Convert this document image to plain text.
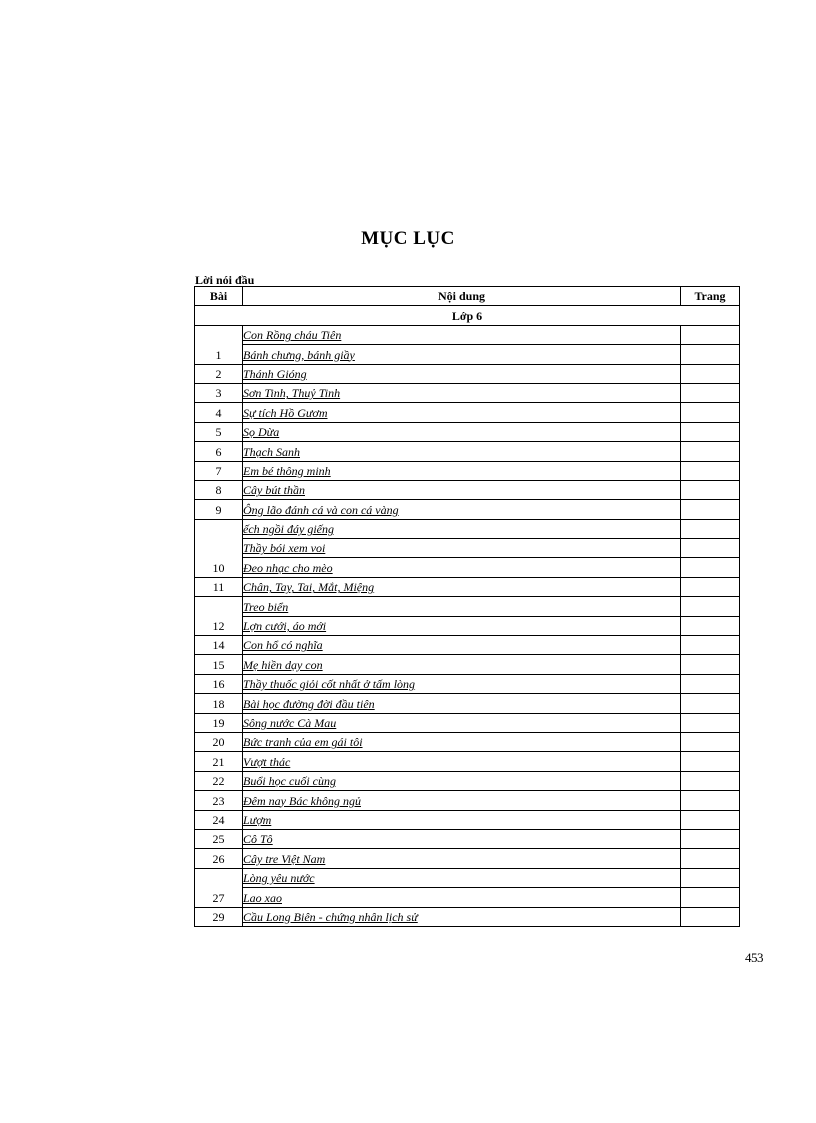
MỤC LỤC
Lời nói đầu
Bài	Nội dung	Trang
Lớp 6		
1	Con Rồng cháu Tiên	
	Bánh chưng, bánh giầy	
2	Thánh Gióng	
3	Sơn Tinh, Thuỷ Tinh	
4	Sự tích Hồ Gươm	
5	Sọ Dừa	
6	Thạch Sanh	
7	Em bé thông minh	
8	Cây bút thần	
9	Ông lão đánh cá và con cá vàng	
10	ếch ngồi đáy giếng	
	Thầy bói xem voi	
	Đeo nhạc cho mèo	
11	Chân, Tay, Tai, Mắt, Miệng	
12	Treo biển	
	Lợn cưới, áo mới	
14	Con hổ có nghĩa	
15	Mẹ hiền dạy con	
16	Thầy thuốc giỏi cốt nhất ở tấm lòng	
18	Bài học đường đời đầu tiên	
19	Sông nước Cà Mau	
20	Bức tranh của em gái tôi	
21	Vượt thác	
22	Buổi học cuối cùng	
23	Đêm nay Bác không ngủ	
24	Lượm	
25	Cô Tô	
26	Cây tre Việt Nam	
27	Lòng yêu nước	
	Lao xao	
29	Cầu Long Biên - chứng nhân lịch sử	
453
